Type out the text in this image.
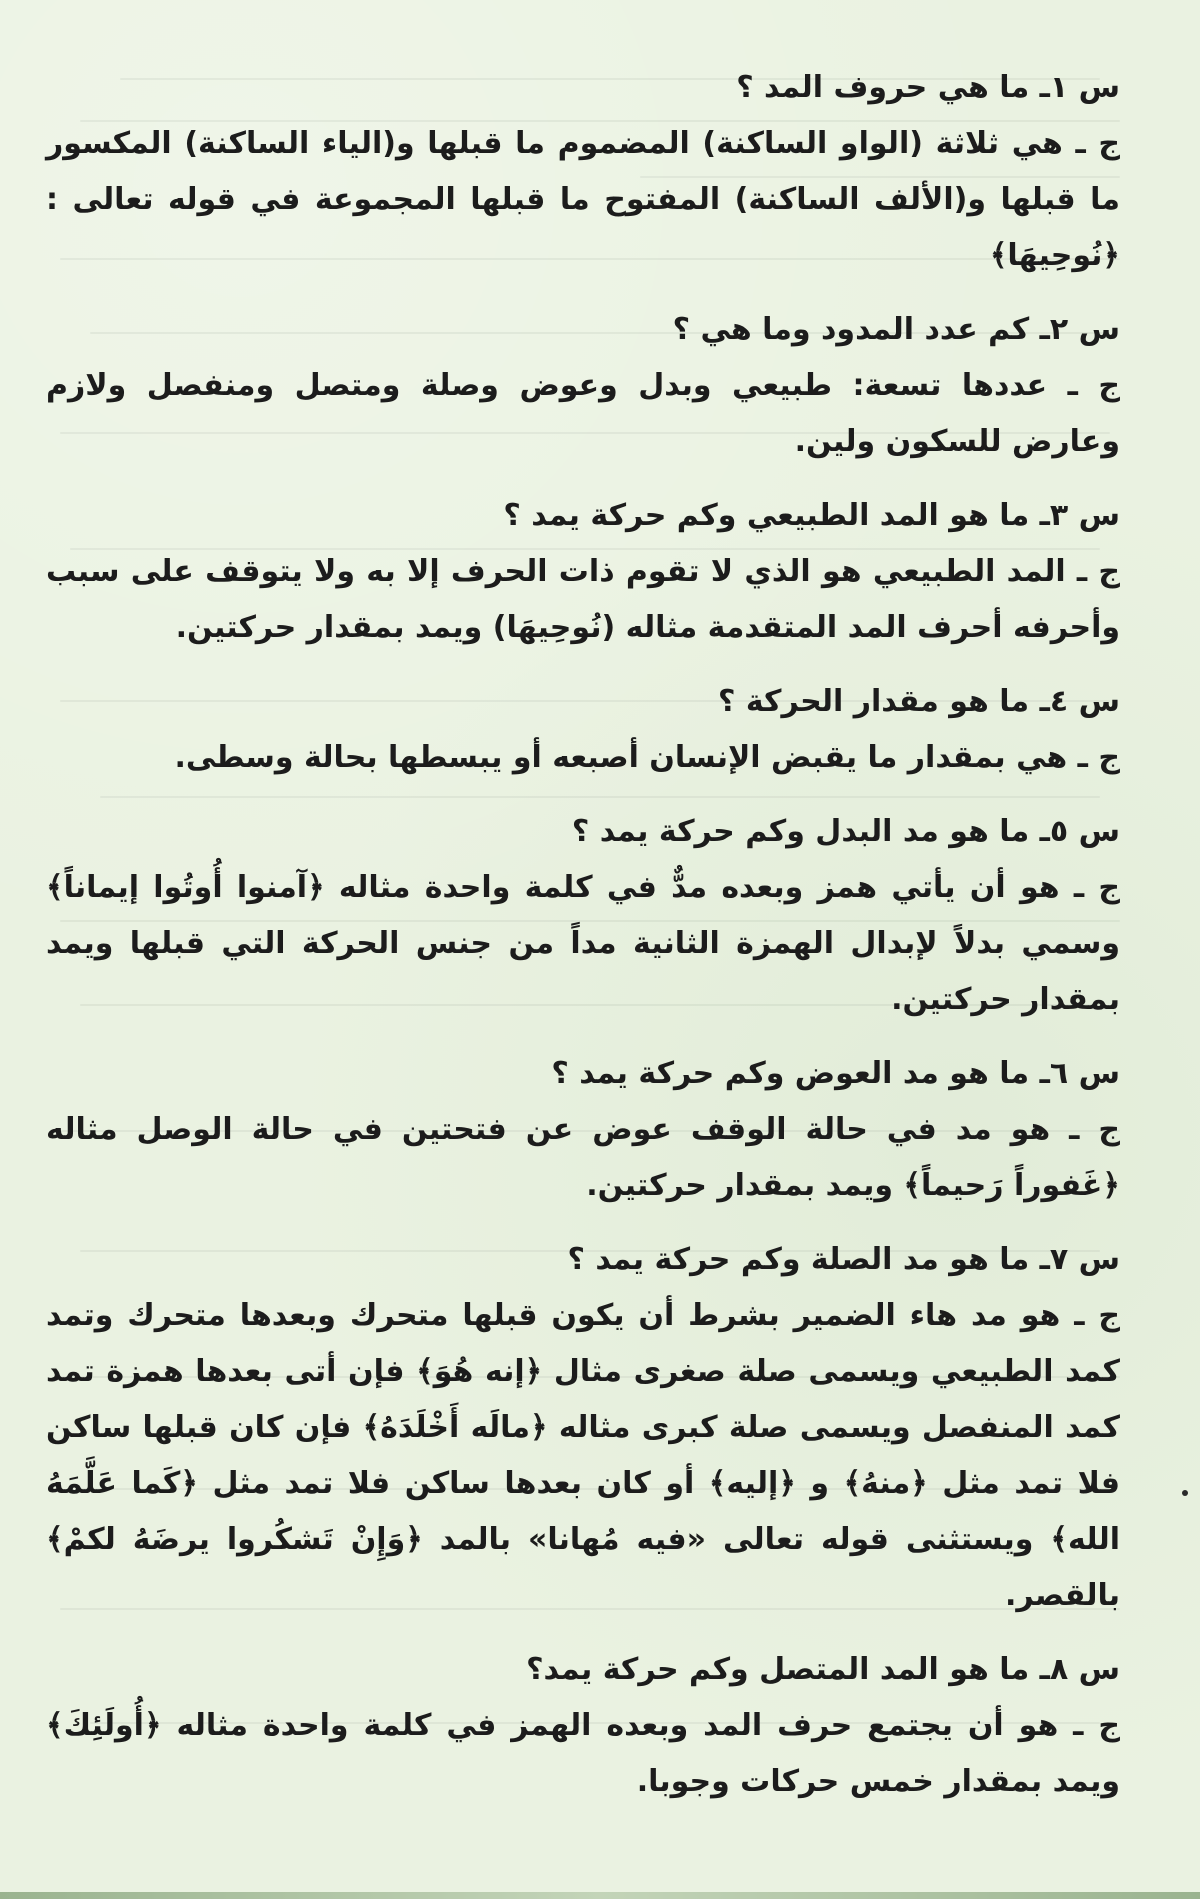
س ١ـ ما هي حروف المد ؟

ج ـ هي ثلاثة (الواو الساكنة) المضموم ما قبلها و(الياء الساكنة) المكسور ما قبلها و(الألف الساكنة) المفتوح ما قبلها المجموعة في قوله تعالى : ﴿نُوحِيهَا﴾

س ٢ـ كم عدد المدود وما هي ؟

ج ـ عددها تسعة: طبيعي وبدل وعوض وصلة ومتصل ومنفصل ولازم وعارض للسكون ولين.

س ٣ـ ما هو المد الطبيعي وكم حركة يمد ؟

ج ـ المد الطبيعي هو الذي لا تقوم ذات الحرف إلا به ولا يتوقف على سبب وأحرفه أحرف المد المتقدمة مثاله (نُوحِيهَا) ويمد بمقدار حركتين.

س ٤ـ ما هو مقدار الحركة ؟

ج ـ هي بمقدار ما يقبض الإنسان أصبعه أو يبسطها بحالة وسطى.

س ٥ـ ما هو مد البدل وكم حركة يمد ؟

ج ـ هو أن يأتي همز وبعده مدٌّ في كلمة واحدة مثاله ﴿آمنوا أُوتُوا إيماناً﴾ وسمي بدلاً لإبدال الهمزة الثانية مداً من جنس الحركة التي قبلها ويمد بمقدار حركتين.

س ٦ـ ما هو مد العوض وكم حركة يمد ؟

ج ـ هو مد في حالة الوقف عوض عن فتحتين في حالة الوصل مثاله ﴿غَفوراً رَحيماً﴾ ويمد بمقدار حركتين.

س ٧ـ ما هو مد الصلة وكم حركة يمد ؟

ج ـ هو مد هاء الضمير بشرط أن يكون قبلها متحرك وبعدها متحرك وتمد كمد الطبيعي ويسمى صلة صغرى مثال ﴿إنه هُوَ﴾ فإن أتى بعدها همزة تمد كمد المنفصل ويسمى صلة كبرى مثاله ﴿مالَه أَخْلَدَهُ﴾ فإن كان قبلها ساكن فلا تمد مثل ﴿منهُ﴾ و ﴿إليه﴾ أو كان بعدها ساكن فلا تمد مثل ﴿كَما عَلَّمَهُ الله﴾ ويستثنى قوله تعالى «فيه مُهانا» بالمد ﴿وَإِنْ تَشكُروا يرضَهُ لكمْ﴾ بالقصر.

س ٨ـ ما هو المد المتصل وكم حركة يمد؟

ج ـ هو أن يجتمع حرف المد وبعده الهمز في كلمة واحدة مثاله ﴿أُولَئِكَ﴾ ويمد بمقدار خمس حركات وجوبا.
